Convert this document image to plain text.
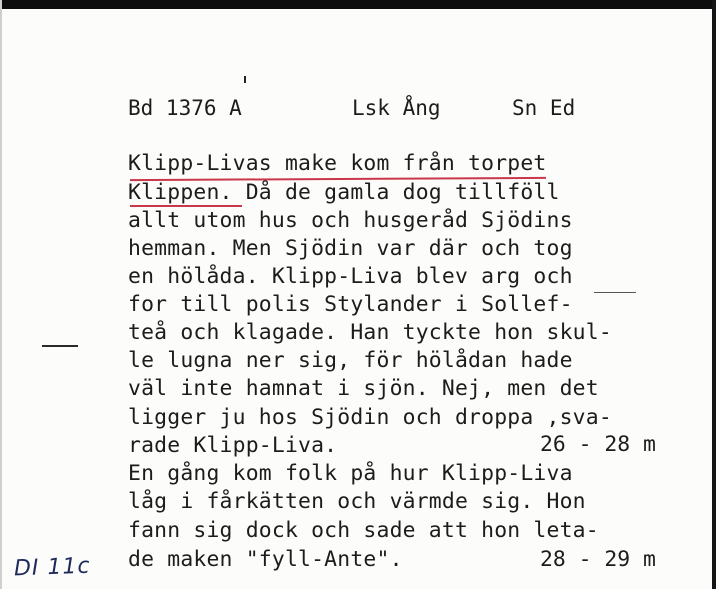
Bd 1376 A	Lsk Ång	Sn Ed
Klipp-Livas make kom från torpet
Klippen. Då de gamla dog tillföll
allt utom hus och husgeråd Sjödins
hemman. Men Sjödin var där och tog
en hölåda. Klipp-Liva blev arg och
for till polis Stylander i Sollef-
teå och klagade. Han tyckte hon skul-
le lugna ner sig, för hölådan hade
väl inte hamnat i sjön. Nej, men det
ligger ju hos Sjödin och droppa ,sva-
rade Klipp-Liva.	26 - 28 m
En gång kom folk på hur Klipp-Liva
låg i fårkätten och värmde sig. Hon
fann sig dock och sade att hon leta-
de maken "fyll-Ante".	28 - 29 m
DI 11c
